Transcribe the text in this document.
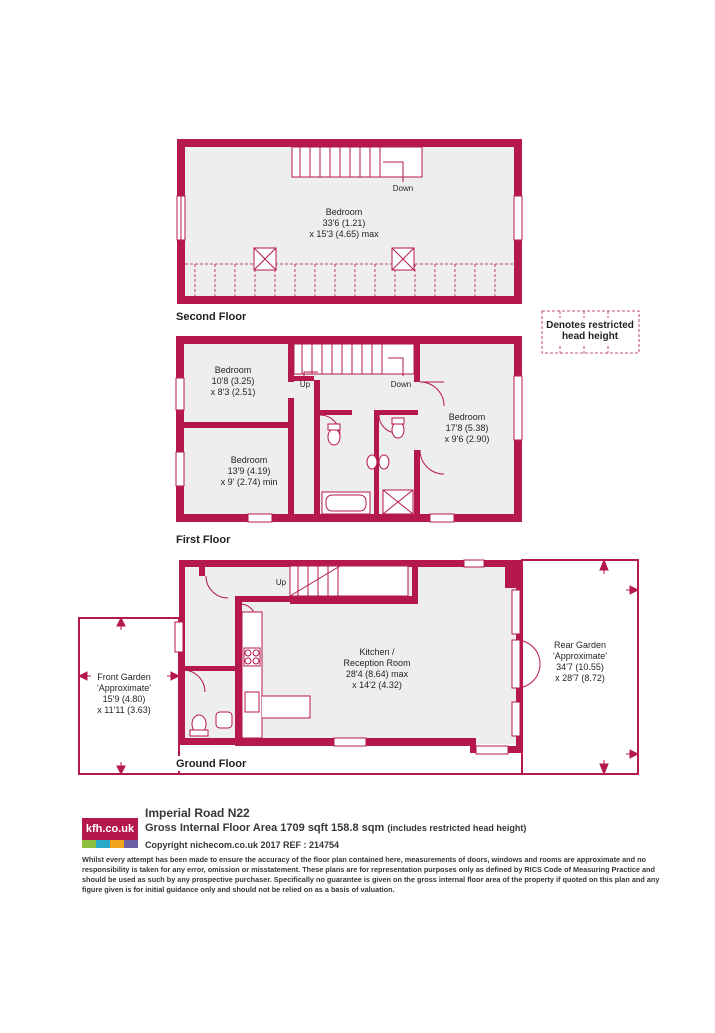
Down
Bedroom
33'6 (1.21)
x 15'3 (4.65) max
Second Floor
Denotes restricted
head height
Bedroom
10'8 (3.25)
x 8'3 (2.51)
Bedroom
13'9 (4.19)
x 9' (2.74) min
Bedroom
17'8 (5.38)
x 9'6 (2.90)
Up	Down
First Floor
Up
Kitchen /
Reception Room
28'4 (8.64) max
x 14'2 (4.32)
Front Garden
'Approximate'
15'9 (4.80)
x 11'11 (3.63)
Rear Garden
'Approximate'
34'7 (10.55)
x 28'7 (8.72)
Ground Floor
kfh.co.uk
Imperial Road N22
Gross Internal Floor Area 1709 sqft 158.8 sqm (includes restricted head height)
Copyright nichecom.co.uk 2017 REF : 214754
Whilst every attempt has been made to ensure the accuracy of the floor plan contained here, measurements of doors, windows and rooms are approximate and no responsibility is taken for any error, omission or misstatement. These plans are for representation purposes only as defined by RICS Code of Measuring Practice and should be used as such by any prospective purchaser. Specifically no guarantee is given on the gross internal floor area of the property if quoted on this plan and any figure given is for initial guidance only and should not be relied on as a basis of valuation.
